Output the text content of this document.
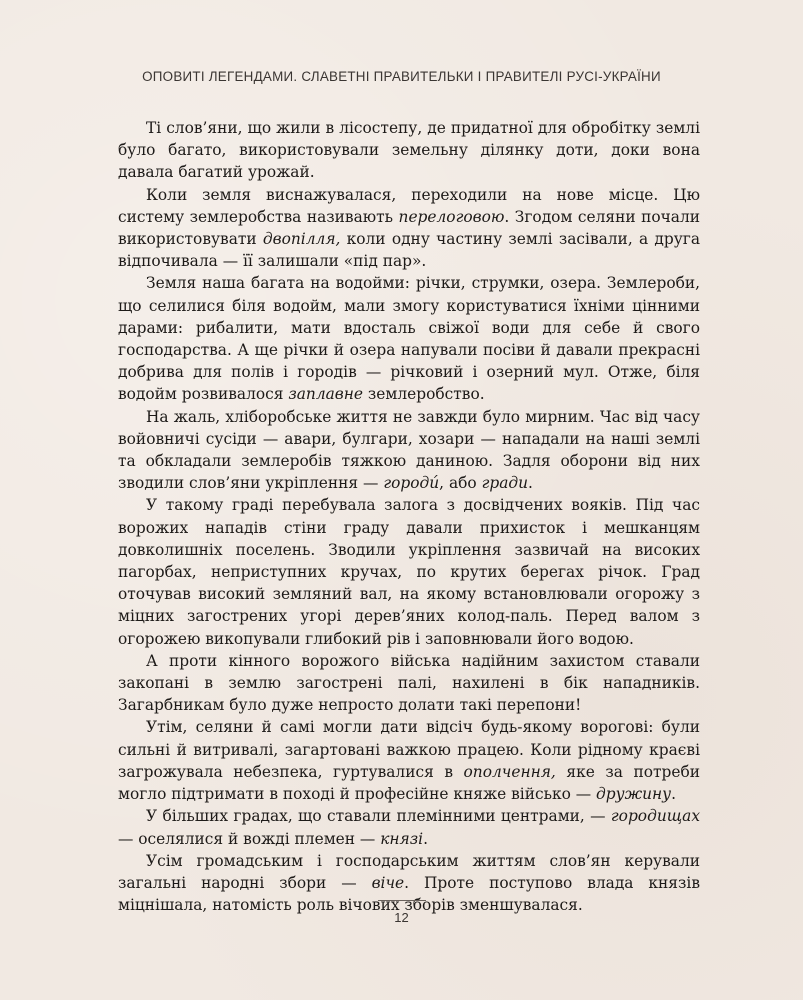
ОПОВИТІ ЛЕГЕНДАМИ. СЛАВЕТНІ ПРАВИТЕЛЬКИ І ПРАВИТЕЛІ РУСІ-УКРАЇНИ

Ті слов’яни, що жили в лісостепу, де придатної для обробітку землі було багато, використовували земельну ділянку доти, доки вона давала багатий урожай.

Коли земля виснажувалася, переходили на нове місце. Цю систему землеробства називають перелоговою. Згодом селяни почали використовувати двопілля, коли одну частину землі засівали, а друга відпочивала — її залишали «під пар».

Земля наша багата на водойми: річки, струмки, озера. Землероби, що селилися біля водойм, мали змогу користуватися їхніми цінними дарами: рибалити, мати вдосталь свіжої води для себе й свого господарства. А ще річки й озера напували посіви й давали прекрасні добрива для полів і городів — річковий і озерний мул. Отже, біля водойм розвивалося заплавне землеробство.

На жаль, хліборобське життя не завжди було мирним. Час від часу войовничі сусіди — авари, булгари, хозари — нападали на наші землі та обкладали землеробів тяжкою даниною. Задля оборони від них зводили слов’яни укріплення — городи́, або гради.

У такому граді перебувала залога з досвідчених вояків. Під час ворожих нападів стіни граду давали прихисток і мешканцям довколишніх поселень. Зводили укріплення зазвичай на високих пагорбах, неприступних кручах, по крутих берегах річок. Град оточував високий земляний вал, на якому встановлювали огорожу з міцних загострених угорі дерев’яних колод-паль. Перед валом з огорожею викопували глибокий рів і заповнювали його водою.

А проти кінного ворожого війська надійним захистом ставали закопані в землю загострені палі, нахилені в бік нападників. Загарбникам було дуже непросто долати такі перепони!

Утім, селяни й самі могли дати відсіч будь-якому ворогові: були сильні й витривалі, загартовані важкою працею. Коли рідному краєві загрожувала небезпека, гуртувалися в ополчення, яке за потреби могло підтримати в поході й професійне княже військо — дружину.

У більших градах, що ставали племінними центрами, — городищах — оселялися й вожді племен — князі.

Усім громадським і господарським життям слов’ян керували загальні народні збори — віче. Проте поступово влада князів міцнішала, натомість роль вічових зборів зменшувалася.

12
